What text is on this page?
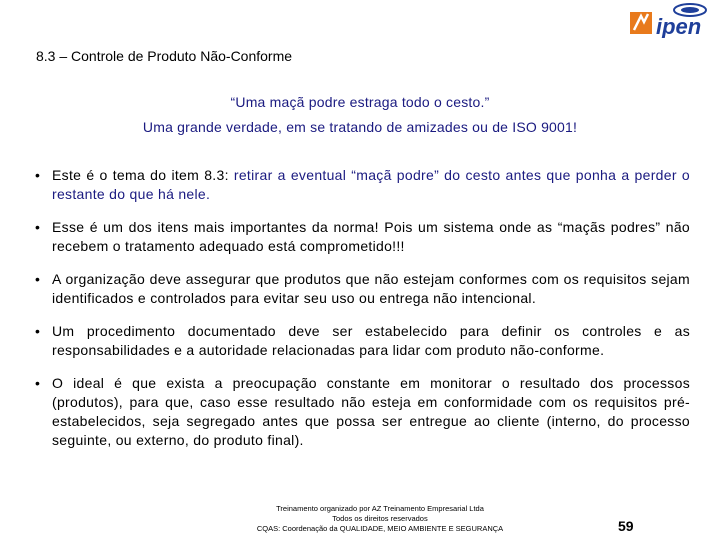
ipen
8.3 – Controle de Produto Não-Conforme
“Uma maçã podre estraga todo o cesto.”
Uma grande verdade, em se tratando de amizades ou de ISO 9001!
• Este é o tema do item 8.3: retirar a eventual “maçã podre” do cesto antes que ponha a perder o restante do que há nele.
• Esse é um dos itens mais importantes da norma! Pois um sistema onde as “maçãs podres” não recebem o tratamento adequado está comprometido!!!
• A organização deve assegurar que produtos que não estejam conformes com os requisitos sejam identificados e controlados para evitar seu uso ou entrega não intencional.
• Um procedimento documentado deve ser estabelecido para definir os controles e as responsabilidades e a autoridade relacionadas para lidar com produto não-conforme.
• O ideal é que exista a preocupação constante em monitorar o resultado dos processos (produtos), para que, caso esse resultado não esteja em conformidade com os requisitos pré-estabelecidos, seja segregado antes que possa ser entregue ao cliente (interno, do processo seguinte, ou externo, do produto final).
Treinamento organizado por AZ Treinamento Empresarial Ltda
Todos os direitos reservados
CQAS: Coordenação da QUALIDADE, MEIO AMBIENTE E SEGURANÇA	59
